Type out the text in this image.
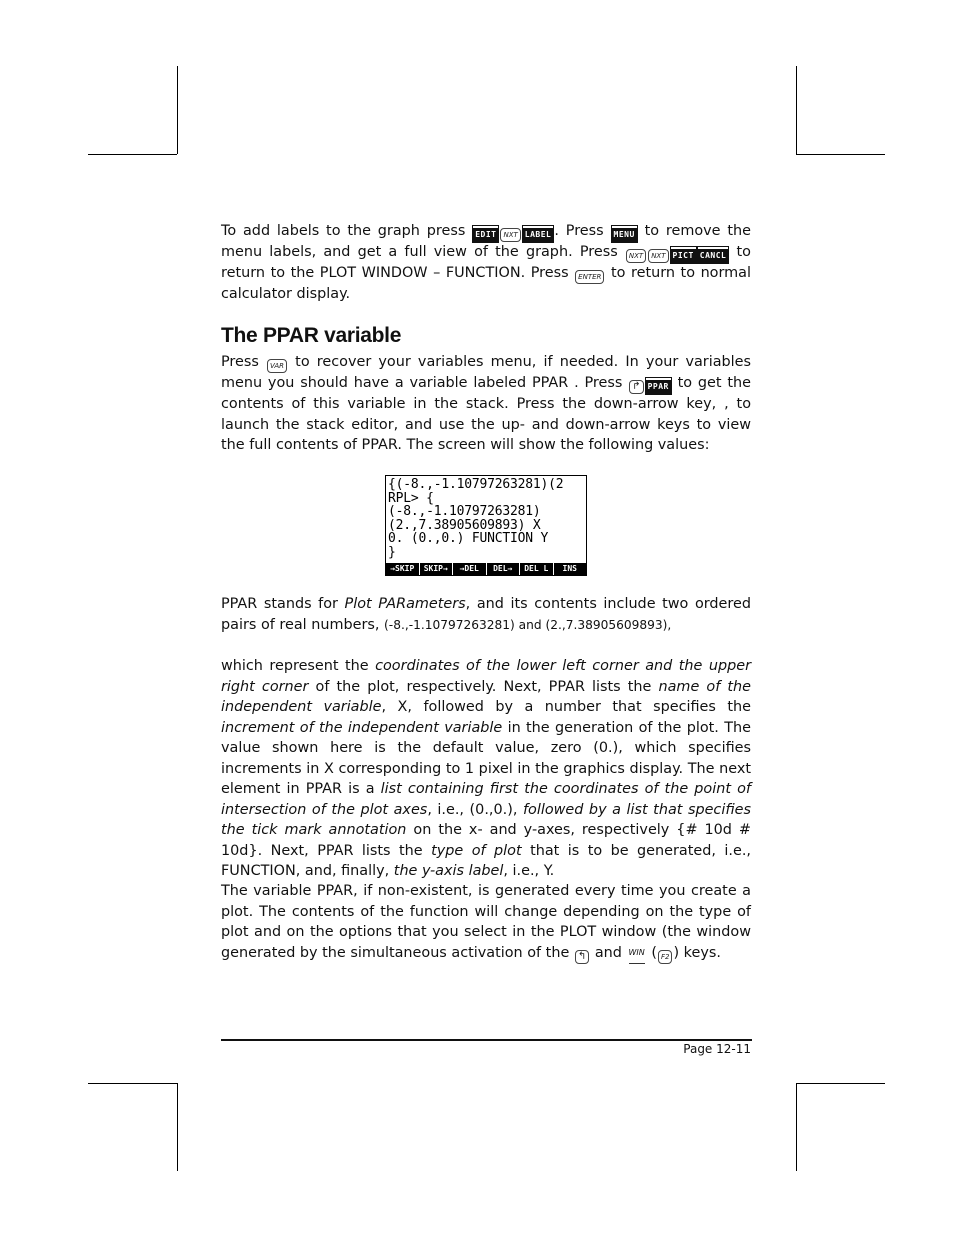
To add labels to the graph press EDIT NXT LABEL . Press MENU to remove the menu labels, and get a full view of the graph. Press NXT NXT PICT CANCL to return to the PLOT WINDOW – FUNCTION. Press ENTER to return to normal calculator display.

The PPAR variable

Press VAR to recover your variables menu, if needed. In your variables menu you should have a variable labeled PPAR . Press ↱ PPAR to get the contents of this variable in the stack. Press the down-arrow key, , to launch the stack editor, and use the up- and down-arrow keys to view the full contents of PPAR. The screen will show the following values:

{(-8.,-1.10797263281)(2
RPL> {
(-8.,-1.10797263281)
(2.,7.38905609893) X
0. (0.,0.) FUNCTION Y
}
→SKIP	SKIP→	→DEL	DEL→	DEL L	INS

PPAR stands for Plot PARameters, and its contents include two ordered pairs of real numbers, (-8.,-1.10797263281) and (2.,7.38905609893),

which represent the coordinates of the lower left corner and the upper right corner of the plot, respectively. Next, PPAR lists the name of the independent variable, X, followed by a number that specifies the increment of the independent variable in the generation of the plot. The value shown here is the default value, zero (0.), which specifies increments in X corresponding to 1 pixel in the graphics display. The next element in PPAR is a list containing first the coordinates of the point of intersection of the plot axes, i.e., (0.,0.), followed by a list that specifies the tick mark annotation on the x- and y-axes, respectively {# 10d # 10d}. Next, PPAR lists the type of plot that is to be generated, i.e., FUNCTION, and, finally, the y-axis label, i.e., Y.

The variable PPAR, if non-existent, is generated every time you create a plot. The contents of the function will change depending on the type of plot and on the options that you select in the PLOT window (the window generated by the simultaneous activation of the ↰ and WIN ( F2 ) keys.

Page 12-11
